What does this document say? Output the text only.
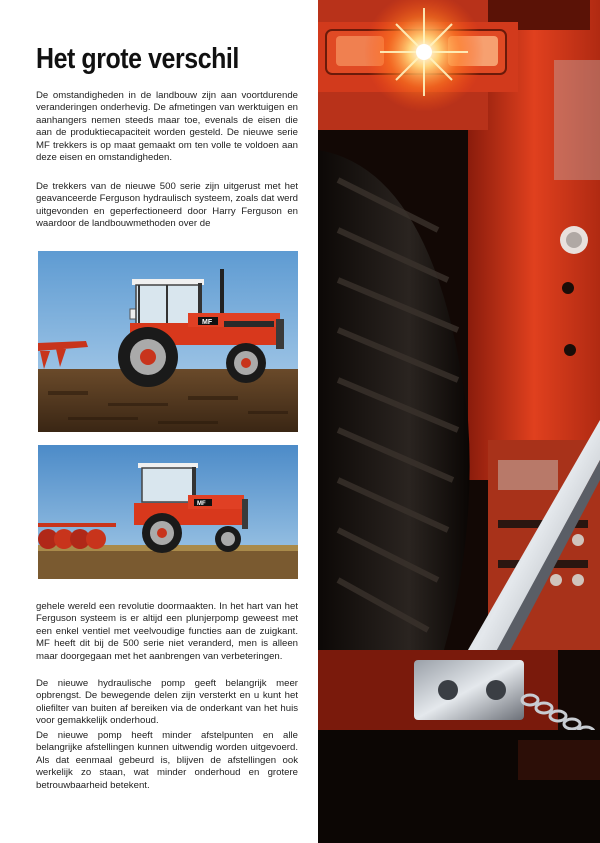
Het grote verschil

De omstandigheden in de landbouw zijn aan voortdurende veranderingen onderhevig. De afmetingen van werktuigen en aanhangers nemen steeds maar toe, evenals de eisen die aan de produktiecapaciteit worden gesteld. De nieuwe serie MF trekkers is op maat gemaakt om ten volle te voldoen aan deze eisen en omstandigheden.

De trekkers van de nieuwe 500 serie zijn uitgerust met het geavanceerde Ferguson hydraulisch systeem, zoals dat werd uitgevonden en geperfectioneerd door Harry Ferguson en waardoor de landbouwmethoden over de

MF
MF

gehele wereld een revolutie doormaakten. In het hart van het Ferguson systeem is er altijd een plunjerpomp geweest met een enkel ventiel met veelvoudige functies aan de zuigkant. MF heeft dit bij de 500 serie niet veranderd, men is alleen maar doorgegaan met het aanbrengen van verbeteringen.

De nieuwe hydraulische pomp geeft belangrijk meer opbrengst. De bewegende delen zijn versterkt en u kunt het oliefilter van buiten af bereiken via de onderkant van het huis voor gemakkelijk onderhoud.

De nieuwe pomp heeft minder afstelpunten en alle belangrijke afstellingen kunnen uitwendig worden uitgevoerd. Als dat eenmaal gebeurd is, blijven de afstellingen ook werkelijk zo staan, wat minder onderhoud en grotere betrouwbaarheid betekent.
